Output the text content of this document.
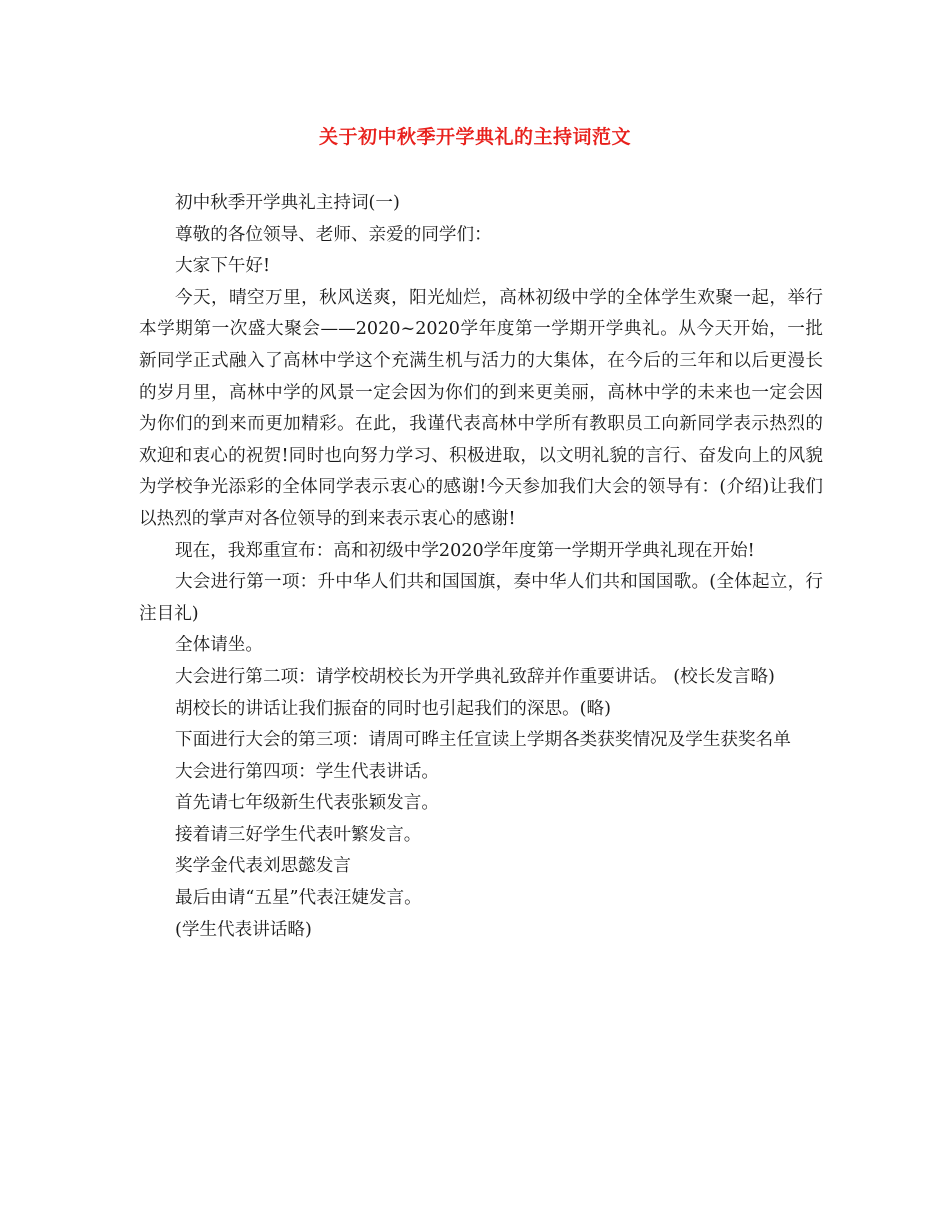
关于初中秋季开学典礼的主持词范文

初中秋季开学典礼主持词(一)

尊敬的各位领导、老师、亲爱的同学们：

大家下午好!

今天，晴空万里，秋风送爽，阳光灿烂，高林初级中学的全体学生欢聚一起，举行本学期第一次盛大聚会——2020~2020学年度第一学期开学典礼。从今天开始，一批新同学正式融入了高林中学这个充满生机与活力的大集体，在今后的三年和以后更漫长的岁月里，高林中学的风景一定会因为你们的到来更美丽，高林中学的未来也一定会因为你们的到来而更加精彩。在此，我谨代表高林中学所有教职员工向新同学表示热烈的欢迎和衷心的祝贺!同时也向努力学习、积极进取，以文明礼貌的言行、奋发向上的风貌为学校争光添彩的全体同学表示衷心的感谢!今天参加我们大会的领导有：(介绍)让我们以热烈的掌声对各位领导的到来表示衷心的感谢!

现在，我郑重宣布：高和初级中学2020学年度第一学期开学典礼现在开始!

大会进行第一项：升中华人们共和国国旗，奏中华人们共和国国歌。(全体起立，行注目礼)

全体请坐。

大会进行第二项：请学校胡校长为开学典礼致辞并作重要讲话。 (校长发言略)

胡校长的讲话让我们振奋的同时也引起我们的深思。(略)

下面进行大会的第三项：请周可晔主任宣读上学期各类获奖情况及学生获奖名单

大会进行第四项：学生代表讲话。

首先请七年级新生代表张颖发言。

接着请三好学生代表叶繁发言。

奖学金代表刘思懿发言

最后由请“五星”代表汪婕发言。

(学生代表讲话略)
